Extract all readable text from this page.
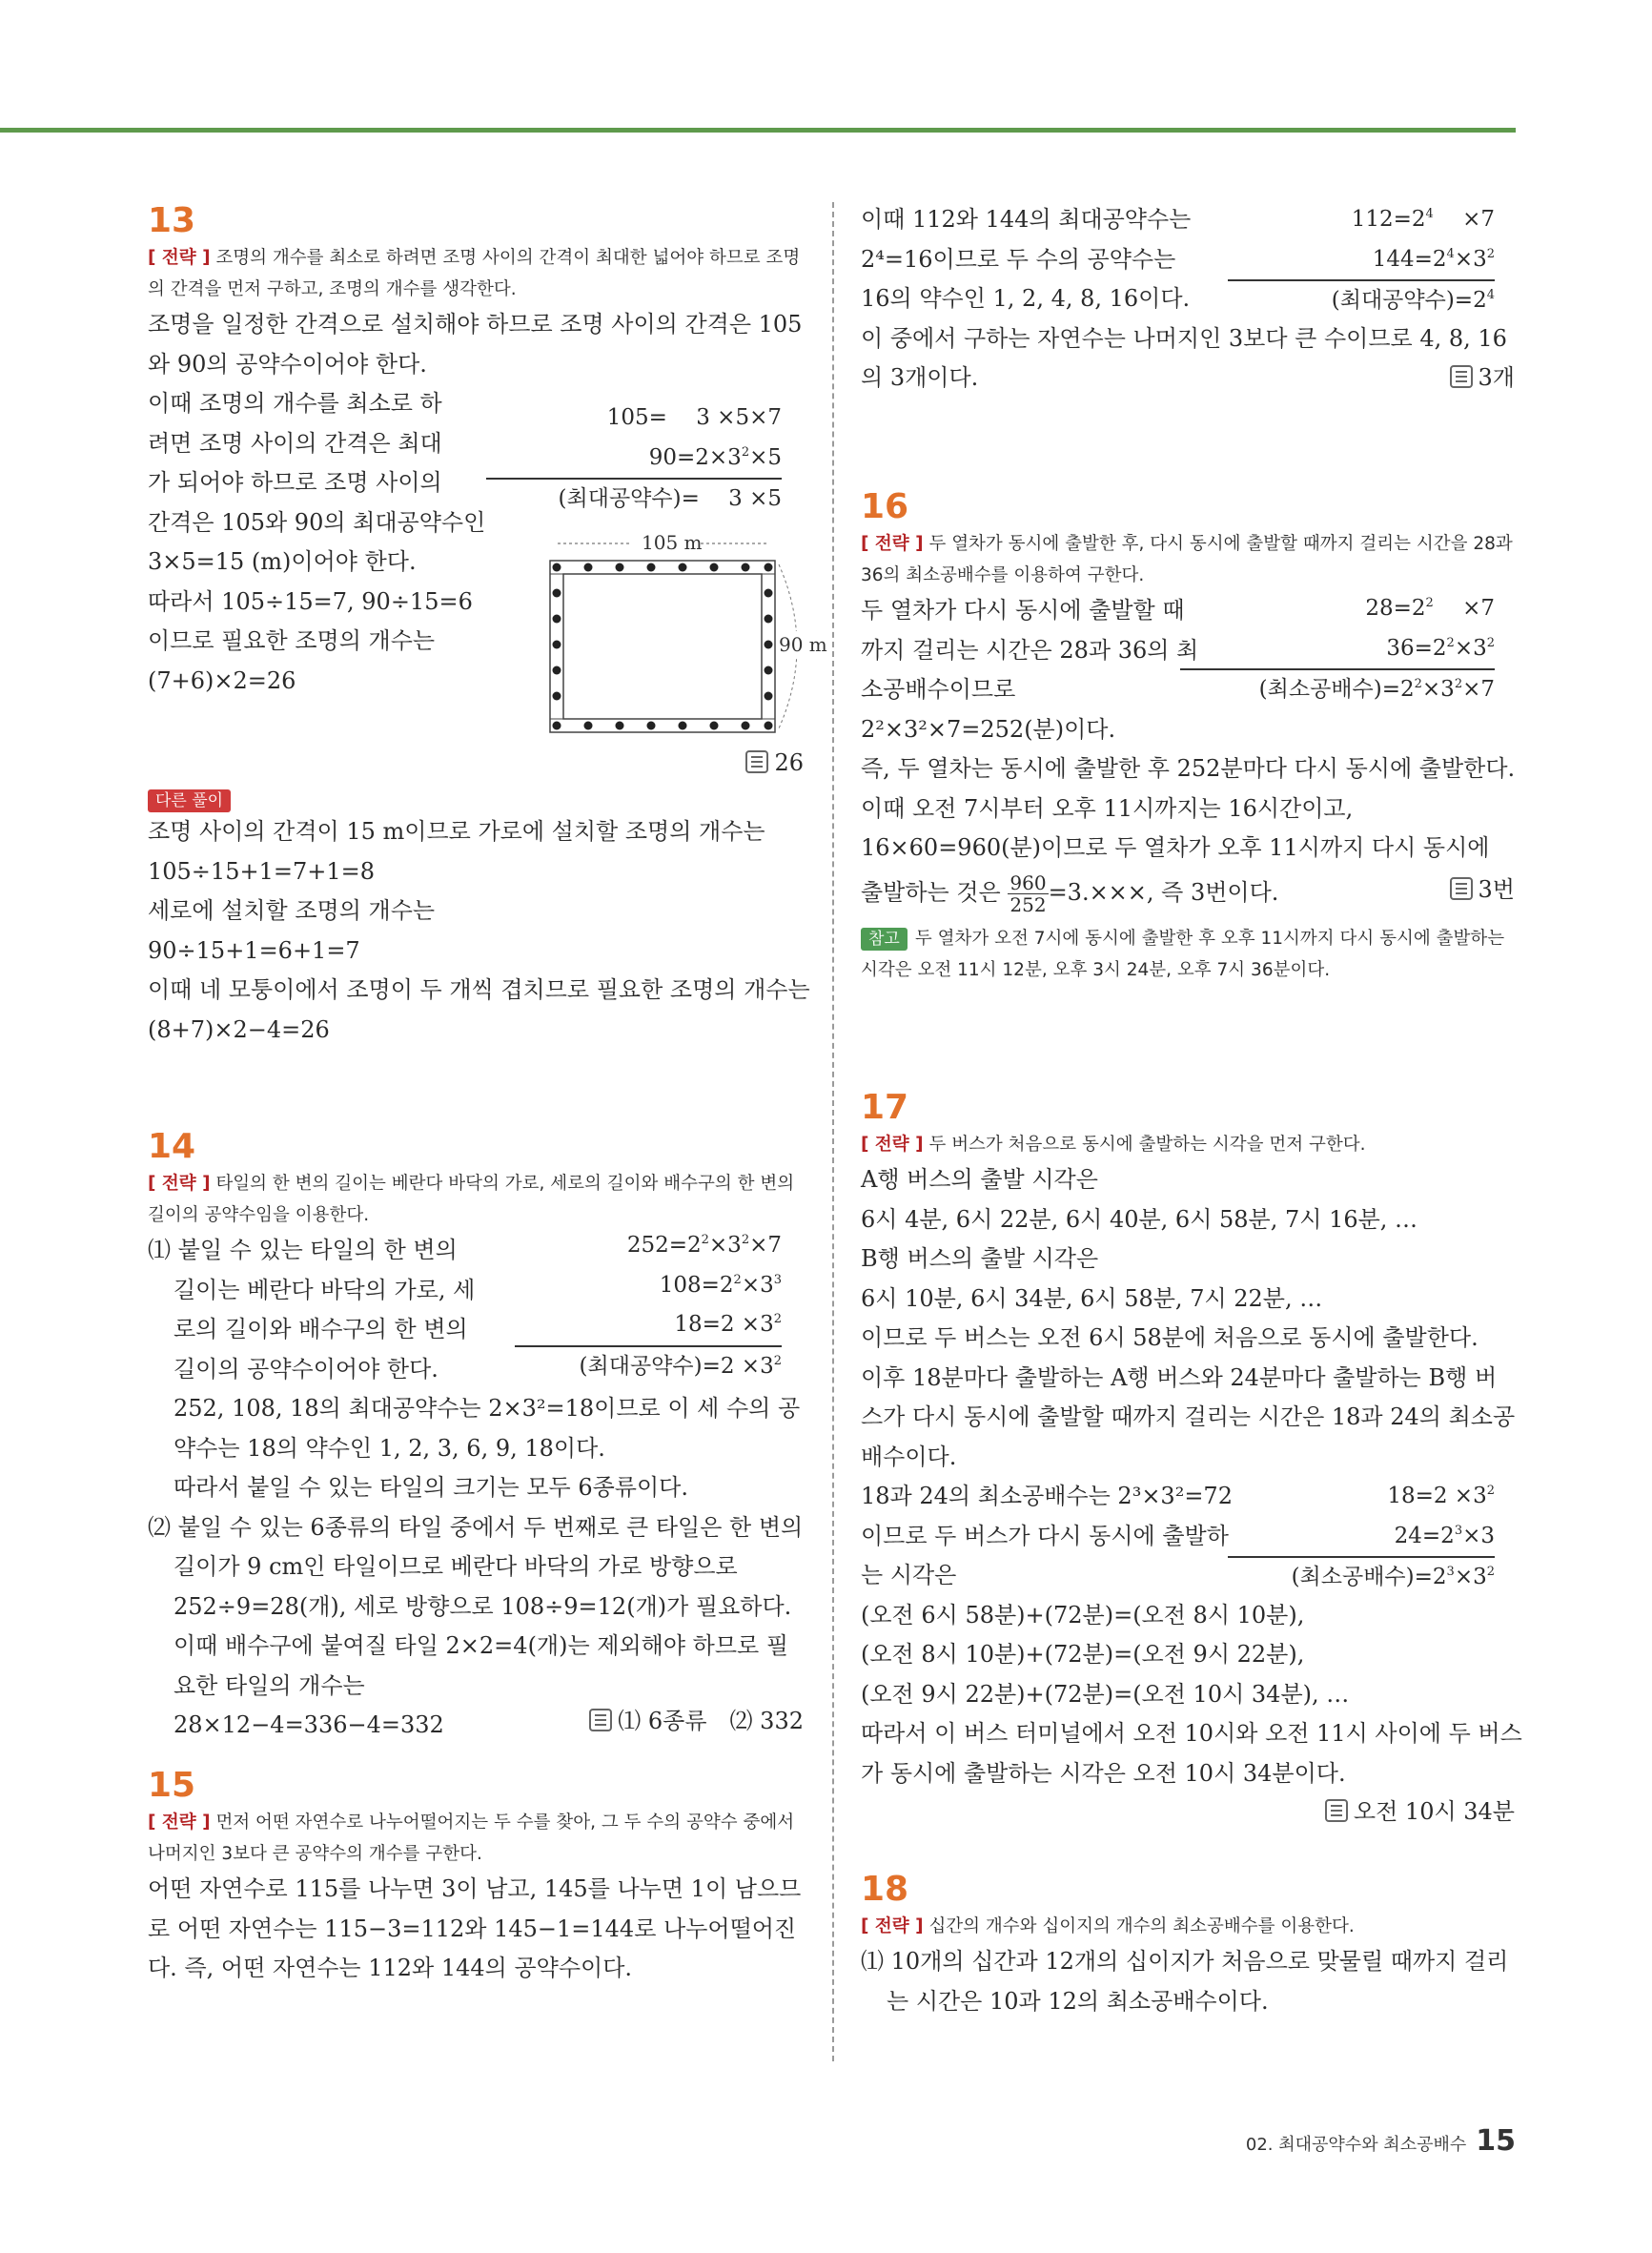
13
[ 전략 ] 조명의 개수를 최소로 하려면 조명 사이의 간격이 최대한 넓어야 하므로 조명의 간격을 먼저 구하고, 조명의 개수를 생각한다.
조명을 일정한 간격으로 설치해야 하므로 조명 사이의 간격은 105
와 90의 공약수이어야 한다.
이때 조명의 개수를 최소로 하
려면 조명 사이의 간격은 최대
가 되어야 하므로 조명 사이의
간격은 105와 90의 최대공약수인
3×5=15 (m)이어야 한다.
따라서 105÷15=7, 90÷15=6
이므로 필요한 조명의 개수는
(7+6)×2=26
105=　 3 ×5×7
$90=2\times 3^2\times 5$
(최대공약수)=　 3 ×5
105 m
90 m
26
다른 풀이
조명 사이의 간격이 15 m이므로 가로에 설치할 조명의 개수는
105÷15+1=7+1=8
세로에 설치할 조명의 개수는
90÷15+1=6+1=7
이때 네 모퉁이에서 조명이 두 개씩 겹치므로 필요한 조명의 개수는
(8+7)×2−4=26
14
[ 전략 ] 타일의 한 변의 길이는 베란다 바닥의 가로, 세로의 길이와 배수구의 한 변의 길이의 공약수임을 이용한다.
⑴ 붙일 수 있는 타일의 한 변의
길이는 베란다 바닥의 가로, 세
로의 길이와 배수구의 한 변의
길이의 공약수이어야 한다.
252, 108, 18의 최대공약수는 2×3²=18이므로 이 세 수의 공
약수는 18의 약수인 1, 2, 3, 6, 9, 18이다.
따라서 붙일 수 있는 타일의 크기는 모두 6종류이다.
⑵ 붙일 수 있는 6종류의 타일 중에서 두 번째로 큰 타일은 한 변의
길이가 9 cm인 타일이므로 베란다 바닥의 가로 방향으로
252÷9=28(개), 세로 방향으로 108÷9=12(개)가 필요하다.
이때 배수구에 붙여질 타일 2×2=4(개)는 제외해야 하므로 필
요한 타일의 개수는
28×12−4=336−4=332
$252=2^2\times 3^2\times 7$
$108=2^2\times 3^3$
$18=2 \times 3^2$
(최대공약수)$=2 \times 3^2$
⑴ 6종류　⑵ 332
15
[ 전략 ] 먼저 어떤 자연수로 나누어떨어지는 두 수를 찾아, 그 두 수의 공약수 중에서 나머지인 3보다 큰 공약수의 개수를 구한다.
어떤 자연수로 115를 나누면 3이 남고, 145를 나누면 1이 남으므
로 어떤 자연수는 115−3=112와 145−1=144로 나누어떨어진
다. 즉, 어떤 자연수는 112와 144의 공약수이다.
이때 112와 144의 최대공약수는
2⁴=16이므로 두 수의 공약수는
16의 약수인 1, 2, 4, 8, 16이다.
이 중에서 구하는 자연수는 나머지인 3보다 큰 수이므로 4, 8, 16
의 3개이다.
$112=2^4$　 ×7
$144=2^4\times 3^2$
(최대공약수)$=2^4$
3개
16
[ 전략 ] 두 열차가 동시에 출발한 후, 다시 동시에 출발할 때까지 걸리는 시간을 28과 36의 최소공배수를 이용하여 구한다.
두 열차가 다시 동시에 출발할 때
까지 걸리는 시간은 28과 36의 최
소공배수이므로
2²×3²×7=252(분)이다.
즉, 두 열차는 동시에 출발한 후 252분마다 다시 동시에 출발한다.
이때 오전 7시부터 오후 11시까지는 16시간이고,
16×60=960(분)이므로 두 열차가 오후 11시까지 다시 동시에
출발하는 것은 $\frac{960}{252} =3.\times\times\times$, 즉 3번이다.
참고 두 열차가 오전 7시에 동시에 출발한 후 오후 11시까지 다시 동시에 출발하는 시각은 오전 11시 12분, 오후 3시 24분, 오후 7시 36분이다.
$28=2^2$　 ×7
$36=2^2\times 3^2$
(최소공배수)$=2^2\times 3^2\times 7$
3번
17
[ 전략 ] 두 버스가 처음으로 동시에 출발하는 시각을 먼저 구한다.
A행 버스의 출발 시각은
6시 4분, 6시 22분, 6시 40분, 6시 58분, 7시 16분, …
B행 버스의 출발 시각은
6시 10분, 6시 34분, 6시 58분, 7시 22분, …
이므로 두 버스는 오전 6시 58분에 처음으로 동시에 출발한다.
이후 18분마다 출발하는 A행 버스와 24분마다 출발하는 B행 버
스가 다시 동시에 출발할 때까지 걸리는 시간은 18과 24의 최소공
배수이다.
18과 24의 최소공배수는 2³×3²=72
이므로 두 버스가 다시 동시에 출발하
는 시각은
(오전 6시 58분)+(72분)=(오전 8시 10분),
(오전 8시 10분)+(72분)=(오전 9시 22분),
(오전 9시 22분)+(72분)=(오전 10시 34분), …
따라서 이 버스 터미널에서 오전 10시와 오전 11시 사이에 두 버스
가 동시에 출발하는 시각은 오전 10시 34분이다.
$18=2 \times 3^2$
$24=2^3\times 3$
(최소공배수)$=2^3\times 3^2$
오전 10시 34분
18
[ 전략 ] 십간의 개수와 십이지의 개수의 최소공배수를 이용한다.
⑴ 10개의 십간과 12개의 십이지가 처음으로 맞물릴 때까지 걸리
는 시간은 10과 12의 최소공배수이다.
02. 최대공약수와 최소공배수 15
